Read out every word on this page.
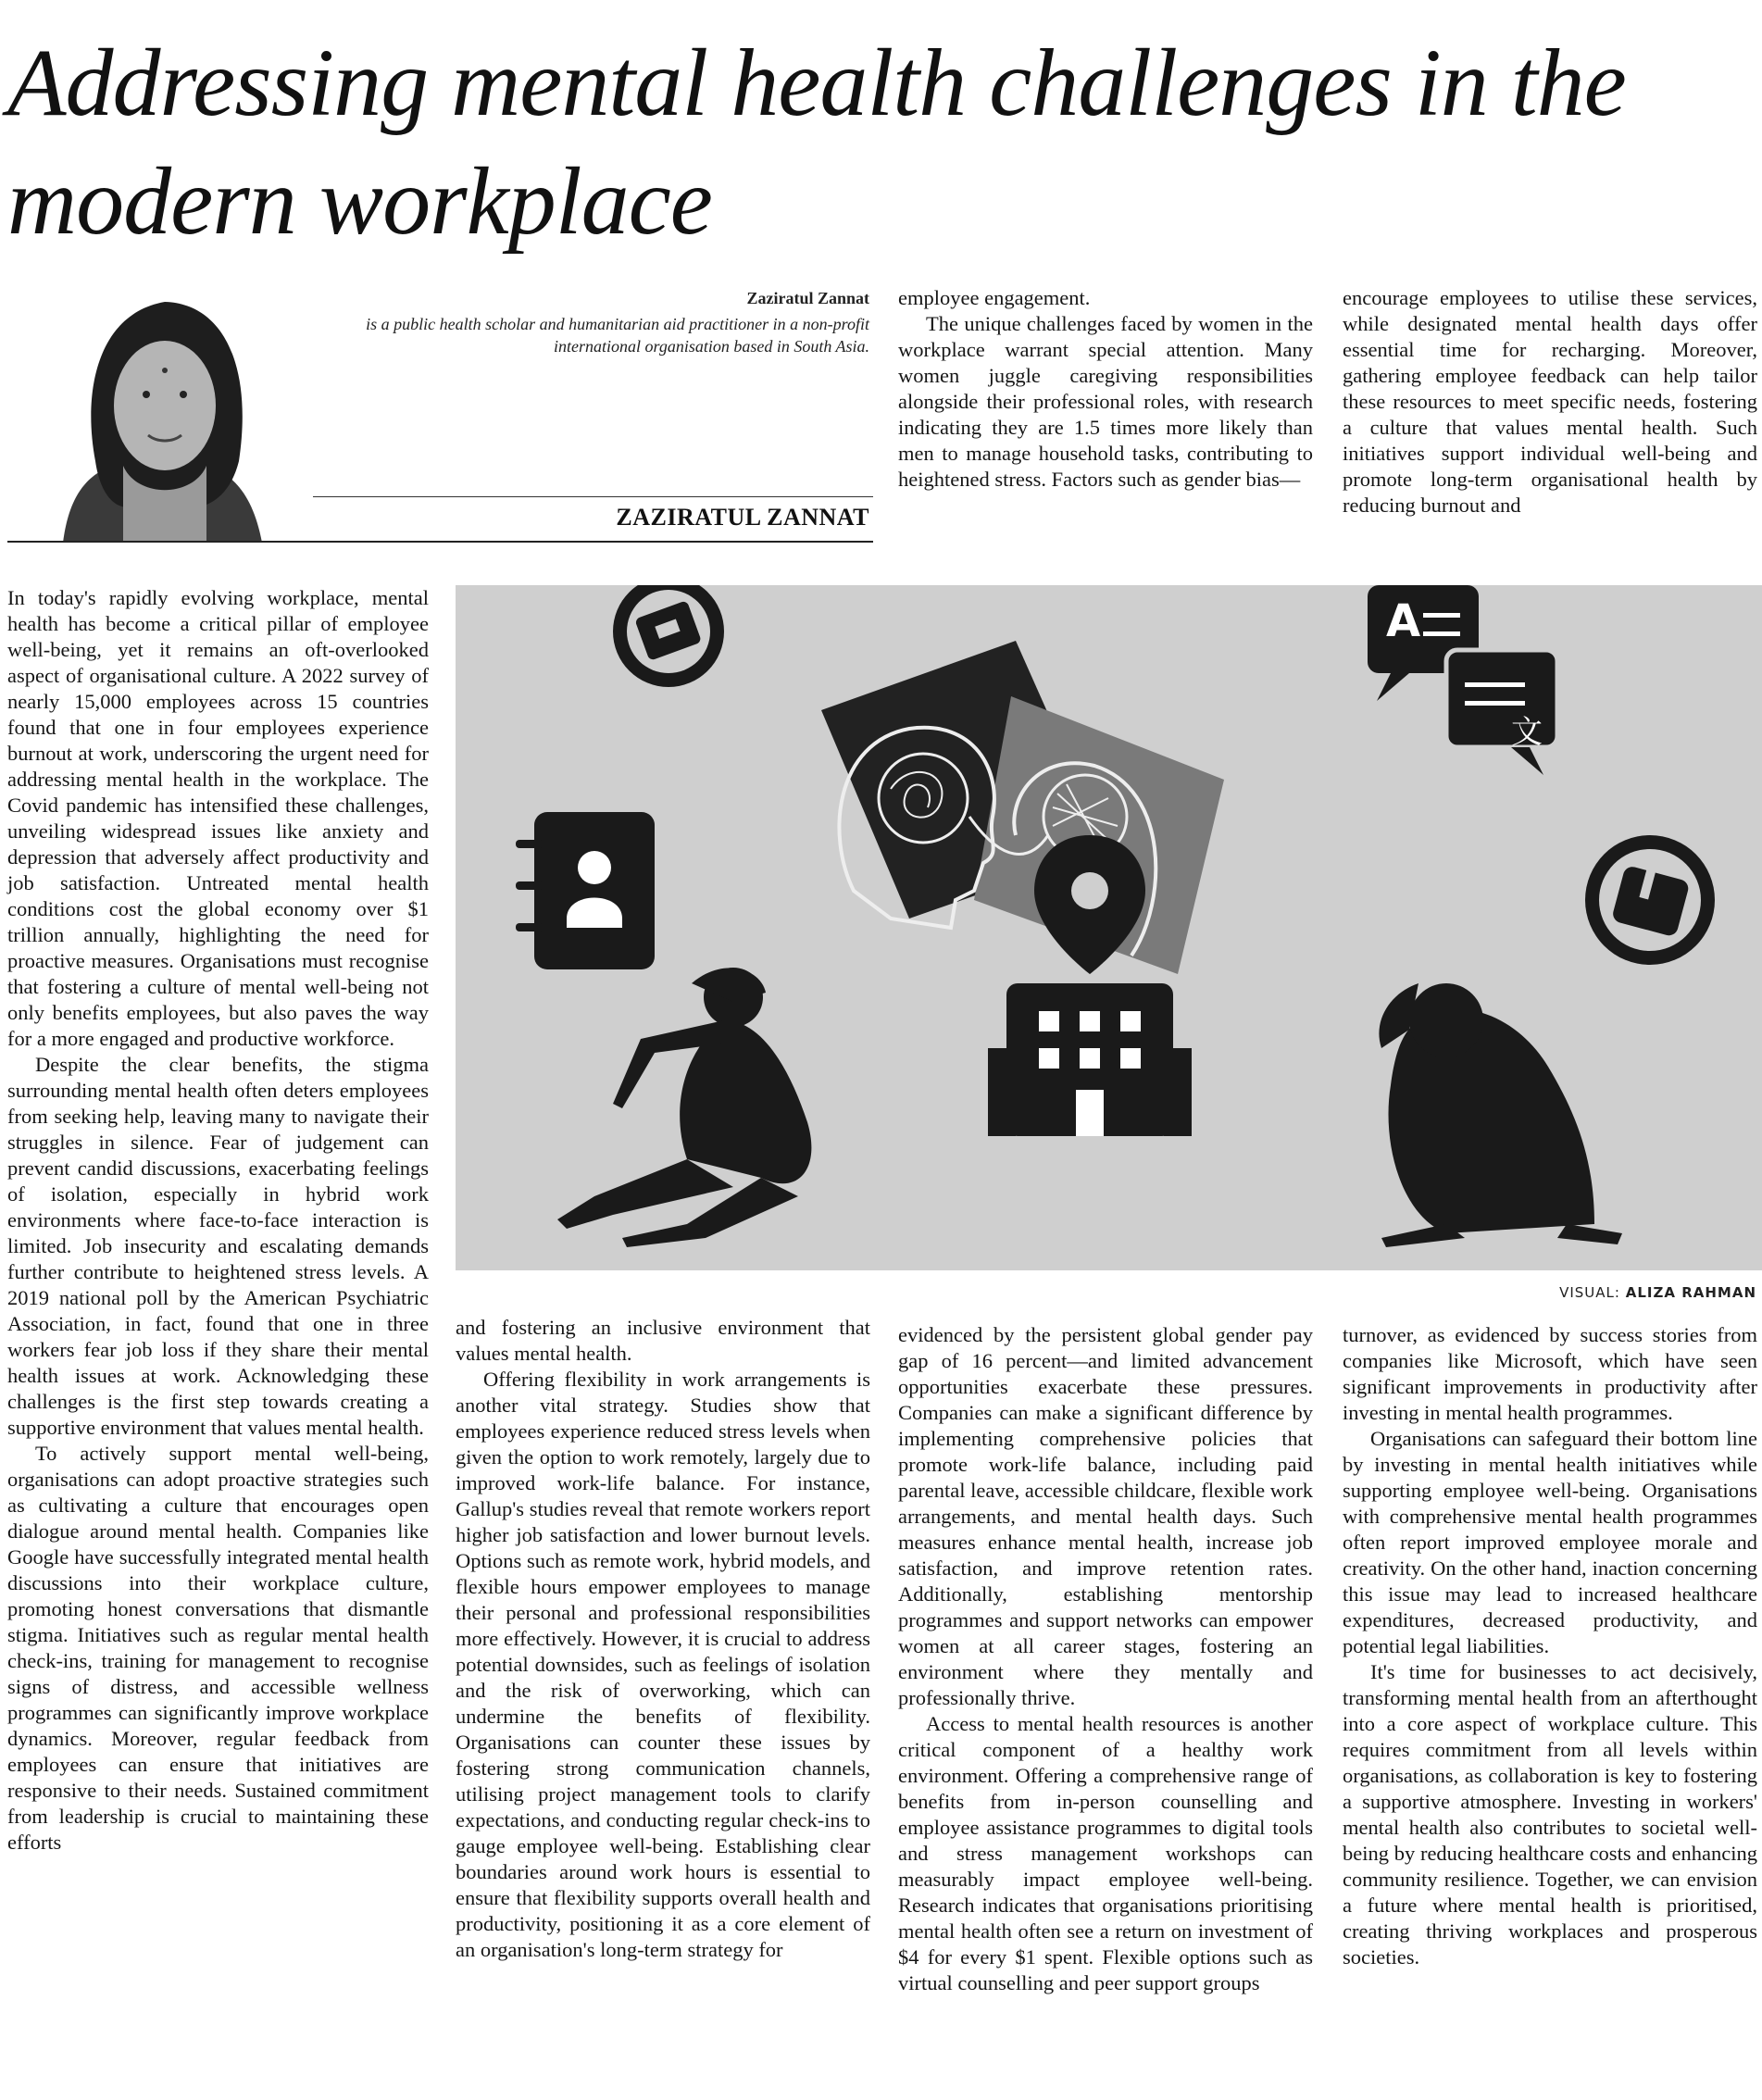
Addressing mental health challenges in the modern workplace

Zaziratul Zannat

is a public health scholar and humanitarian aid practitioner in a non-profit international organisation based in South Asia.

ZAZIRATUL ZANNAT

employee engagement.

The unique challenges faced by women in the workplace warrant special attention. Many women juggle caregiving responsibilities alongside their professional roles, with research indicating they are 1.5 times more likely than men to manage household tasks, contributing to heightened stress. Factors such as gender bias—

encourage employees to utilise these services, while designated mental health days offer essential time for recharging. Moreover, gathering employee feedback can help tailor these resources to meet specific needs, fostering a culture that values mental health. Such initiatives support individual well-being and promote long-term organisational health by reducing burnout and

In today's rapidly evolving workplace, mental health has become a critical pillar of employee well-being, yet it remains an oft-overlooked aspect of organisational culture. A 2022 survey of nearly 15,000 employees across 15 countries found that one in four employees experience burnout at work, underscoring the urgent need for addressing mental health in the workplace. The Covid pandemic has intensified these challenges, unveiling widespread issues like anxiety and depression that adversely affect productivity and job satisfaction. Untreated mental health conditions cost the global economy over $1 trillion annually, highlighting the need for proactive measures. Organisations must recognise that fostering a culture of mental well-being not only benefits employees, but also paves the way for a more engaged and productive workforce.

Despite the clear benefits, the stigma surrounding mental health often deters employees from seeking help, leaving many to navigate their struggles in silence. Fear of judgement can prevent candid discussions, exacerbating feelings of isolation, especially in hybrid work environments where face-to-face interaction is limited. Job insecurity and escalating demands further contribute to heightened stress levels. A 2019 national poll by the American Psychiatric Association, in fact, found that one in three workers fear job loss if they share their mental health issues at work. Acknowledging these challenges is the first step towards creating a supportive environment that values mental health.

To actively support mental well-being, organisations can adopt proactive strategies such as cultivating a culture that encourages open dialogue around mental health. Companies like Google have successfully integrated mental health discussions into their workplace culture, promoting honest conversations that dismantle stigma. Initiatives such as regular mental health check-ins, training for management to recognise signs of distress, and accessible wellness programmes can significantly improve workplace dynamics. Moreover, regular feedback from employees can ensure that initiatives are responsive to their needs. Sustained commitment from leadership is crucial to maintaining these efforts

A
文

VISUAL: ALIZA RAHMAN

and fostering an inclusive environment that values mental health.

Offering flexibility in work arrangements is another vital strategy. Studies show that employees experience reduced stress levels when given the option to work remotely, largely due to improved work-life balance. For instance, Gallup's studies reveal that remote workers report higher job satisfaction and lower burnout levels. Options such as remote work, hybrid models, and flexible hours empower employees to manage their personal and professional responsibilities more effectively. However, it is crucial to address potential downsides, such as feelings of isolation and the risk of overworking, which can undermine the benefits of flexibility. Organisations can counter these issues by fostering strong communication channels, utilising project management tools to clarify expectations, and conducting regular check-ins to gauge employee well-being. Establishing clear boundaries around work hours is essential to ensure that flexibility supports overall health and productivity, positioning it as a core element of an organisation's long-term strategy for

evidenced by the persistent global gender pay gap of 16 percent—and limited advancement opportunities exacerbate these pressures. Companies can make a significant difference by implementing comprehensive policies that promote work-life balance, including paid parental leave, accessible childcare, flexible work arrangements, and mental health days. Such measures enhance mental health, increase job satisfaction, and improve retention rates. Additionally, establishing mentorship programmes and support networks can empower women at all career stages, fostering an environment where they mentally and professionally thrive.

Access to mental health resources is another critical component of a healthy work environment. Offering a comprehensive range of benefits from in-person counselling and employee assistance programmes to digital tools and stress management workshops can measurably impact employee well-being. Research indicates that organisations prioritising mental health often see a return on investment of $4 for every $1 spent. Flexible options such as virtual counselling and peer support groups

turnover, as evidenced by success stories from companies like Microsoft, which have seen significant improvements in productivity after investing in mental health programmes.

Organisations can safeguard their bottom line by investing in mental health initiatives while supporting employee well-being. Organisations with comprehensive mental health programmes often report improved employee morale and creativity. On the other hand, inaction concerning this issue may lead to increased healthcare expenditures, decreased productivity, and potential legal liabilities.

It's time for businesses to act decisively, transforming mental health from an afterthought into a core aspect of workplace culture. This requires commitment from all levels within organisations, as collaboration is key to fostering a supportive atmosphere. Investing in workers' mental health also contributes to societal well-being by reducing healthcare costs and enhancing community resilience. Together, we can envision a future where mental health is prioritised, creating thriving workplaces and prosperous societies.
